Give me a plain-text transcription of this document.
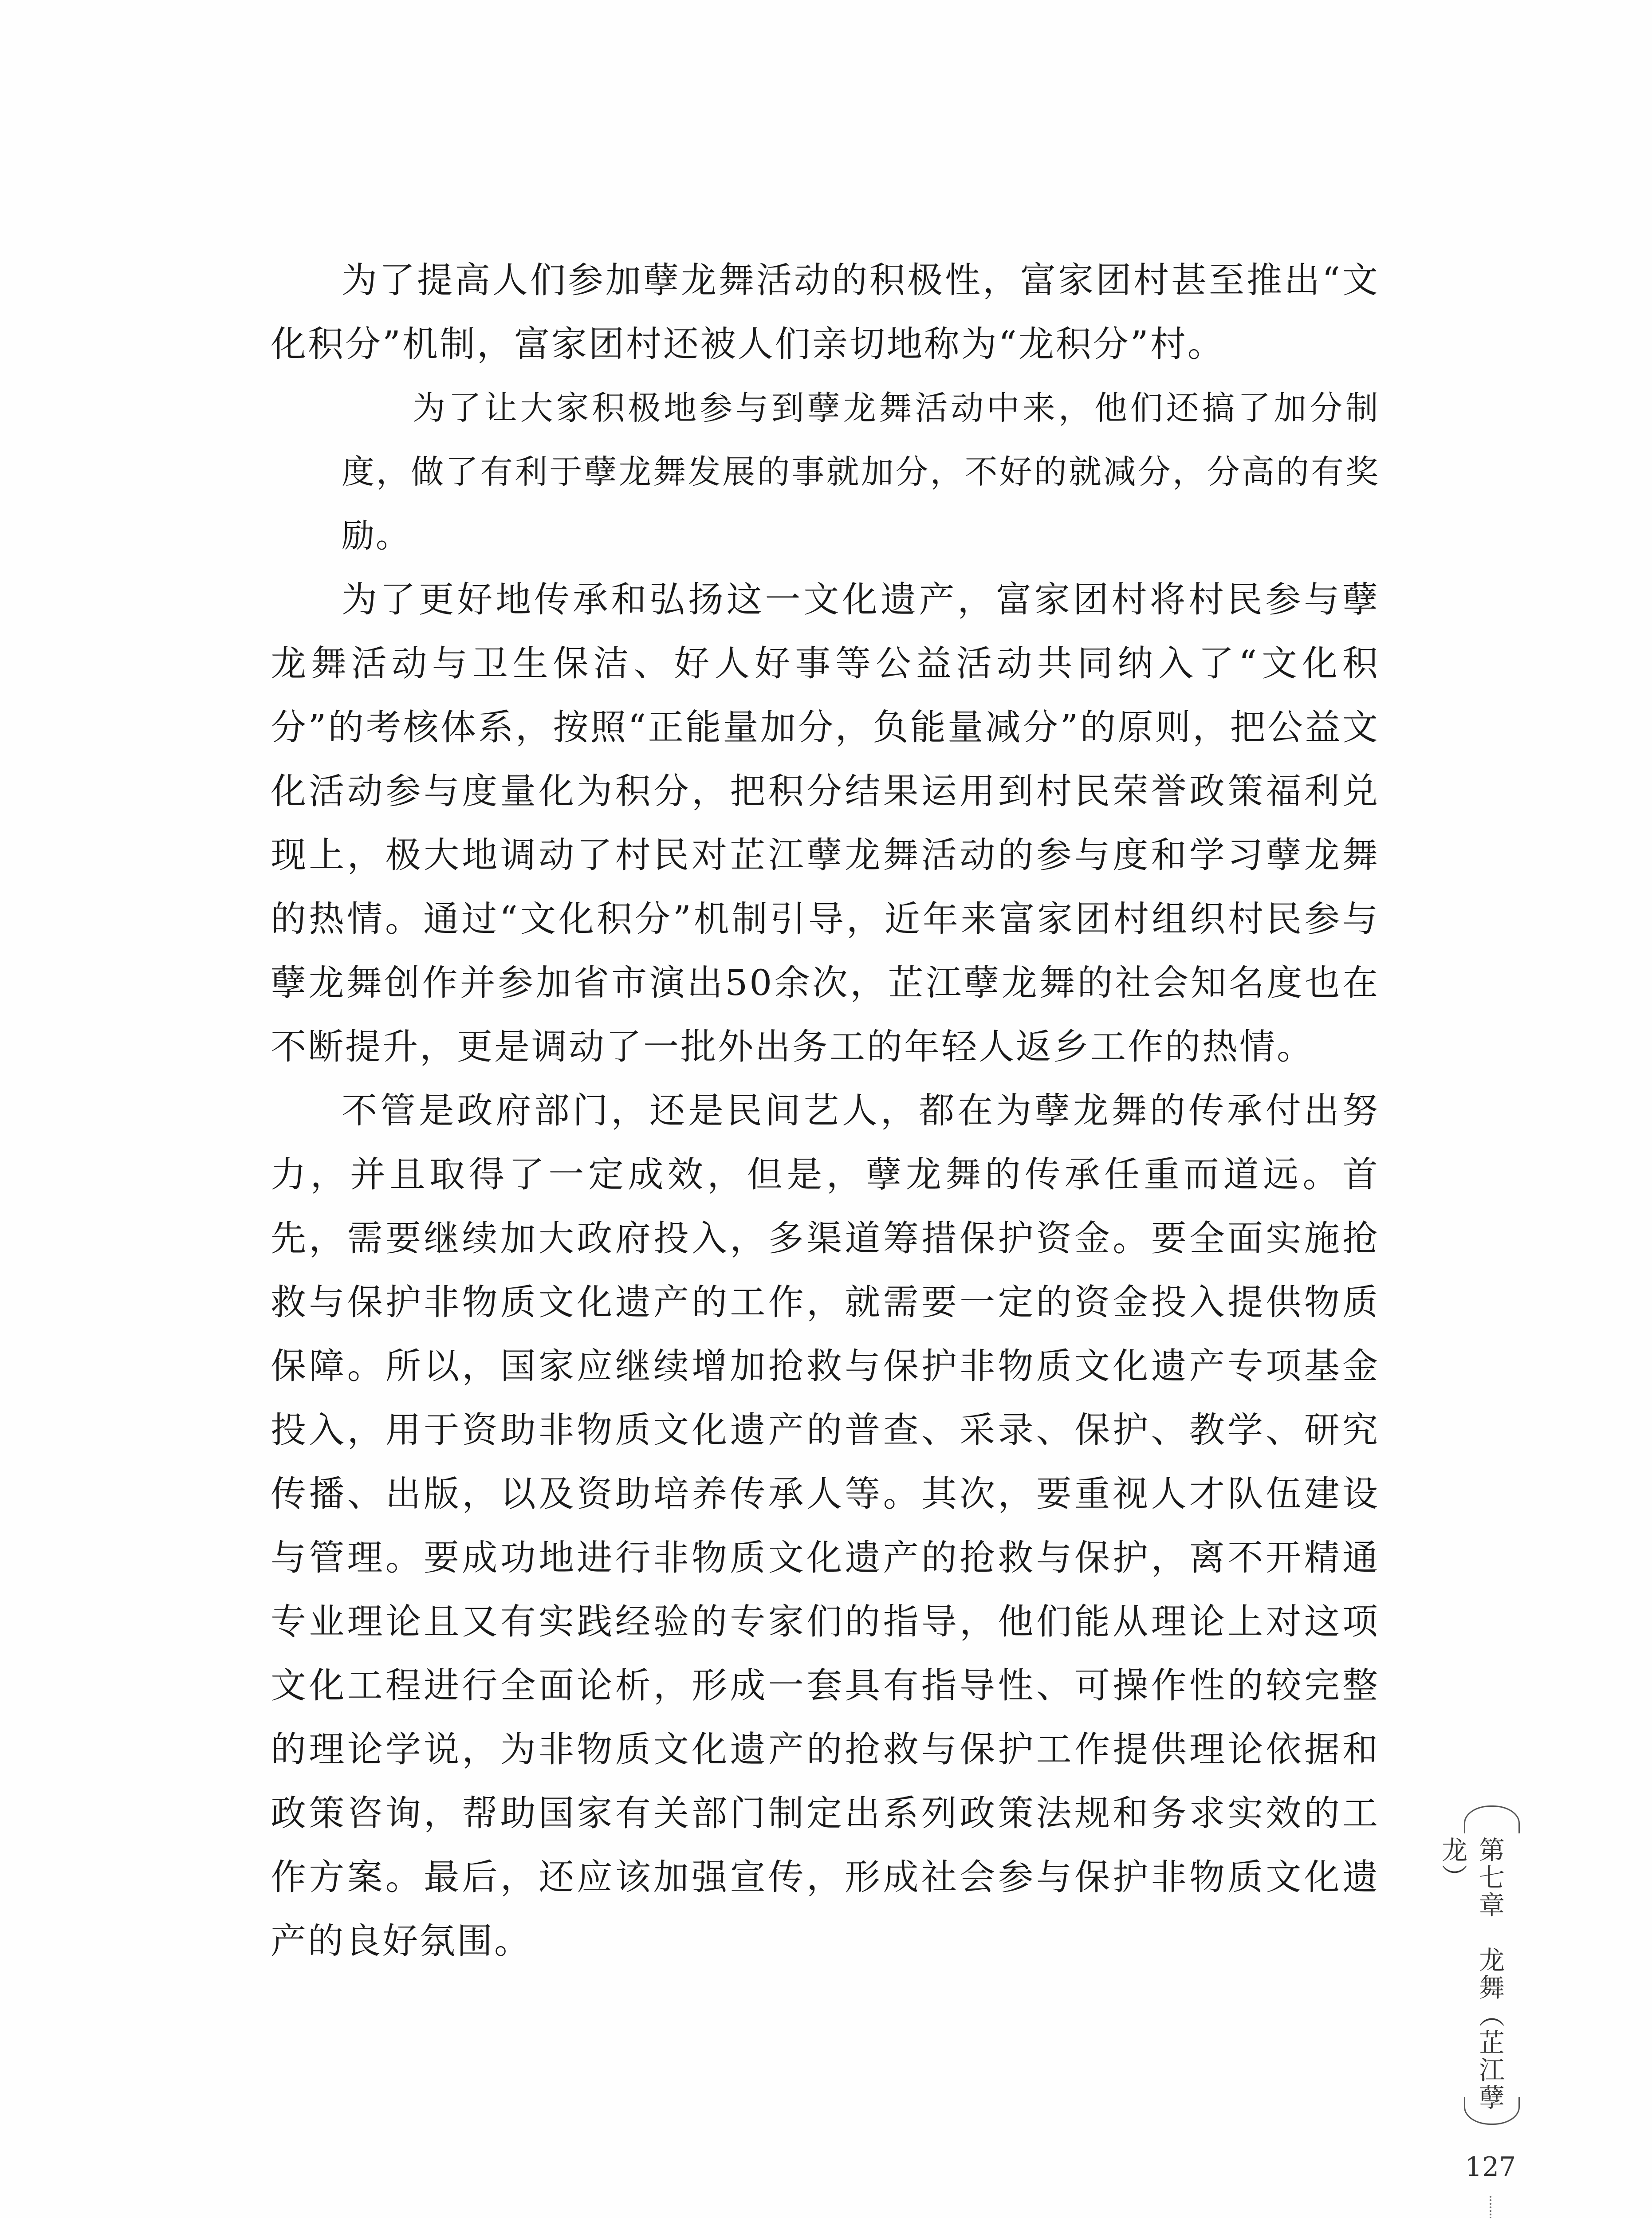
为了提高人们参加孽龙舞活动的积极性，富家团村甚至推出“文化积分”机制，富家团村还被人们亲切地称为“龙积分”村。

为了让大家积极地参与到孽龙舞活动中来，他们还搞了加分制度，做了有利于孽龙舞发展的事就加分，不好的就减分，分高的有奖励。

为了更好地传承和弘扬这一文化遗产，富家团村将村民参与孽龙舞活动与卫生保洁、好人好事等公益活动共同纳入了“文化积分”的考核体系，按照“正能量加分，负能量减分”的原则，把公益文化活动参与度量化为积分，把积分结果运用到村民荣誉政策福利兑现上，极大地调动了村民对芷江孽龙舞活动的参与度和学习孽龙舞的热情。通过“文化积分”机制引导，近年来富家团村组织村民参与孽龙舞创作并参加省市演出50余次，芷江孽龙舞的社会知名度也在不断提升，更是调动了一批外出务工的年轻人返乡工作的热情。

不管是政府部门，还是民间艺人，都在为孽龙舞的传承付出努力，并且取得了一定成效，但是，孽龙舞的传承任重而道远。首先，需要继续加大政府投入，多渠道筹措保护资金。要全面实施抢救与保护非物质文化遗产的工作，就需要一定的资金投入提供物质保障。所以，国家应继续增加抢救与保护非物质文化遗产专项基金投入，用于资助非物质文化遗产的普查、采录、保护、教学、研究传播、出版，以及资助培养传承人等。其次，要重视人才队伍建设与管理。要成功地进行非物质文化遗产的抢救与保护，离不开精通专业理论且又有实践经验的专家们的指导，他们能从理论上对这项文化工程进行全面论析，形成一套具有指导性、可操作性的较完整的理论学说，为非物质文化遗产的抢救与保护工作提供理论依据和政策咨询，帮助国家有关部门制定出系列政策法规和务求实效的工作方案。最后，还应该加强宣传，形成社会参与保护非物质文化遗产的良好氛围。	第七章　龙舞（芷江孽龙）
127
